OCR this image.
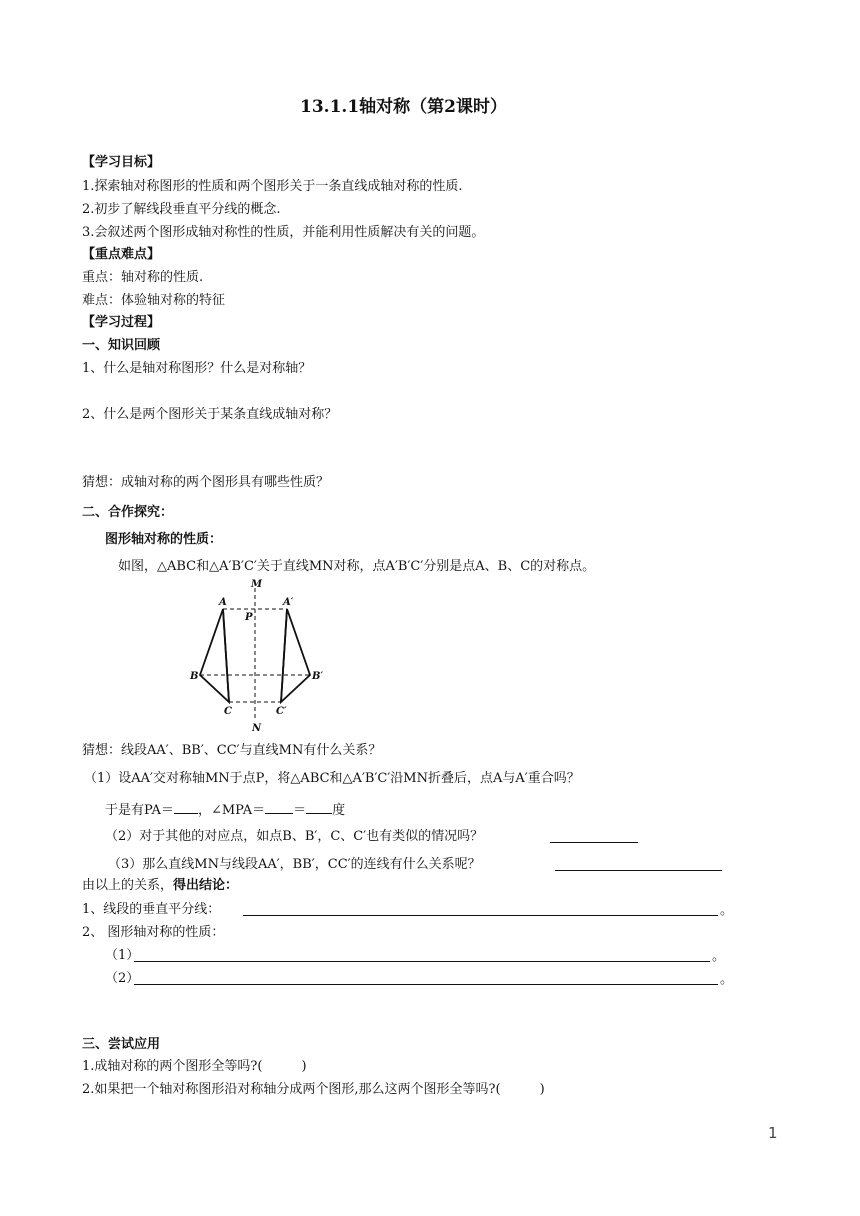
13.1.1轴对称（第2课时）
【学习目标】
1.探索轴对称图形的性质和两个图形关于一条直线成轴对称的性质.
2.初步了解线段垂直平分线的概念.
3.会叙述两个图形成轴对称性的性质，并能利用性质解决有关的问题。
【重点难点】
重点：轴对称的性质.
难点：体验轴对称的特征
【学习过程】
一、知识回顾
1、什么是轴对称图形？什么是对称轴？
2、什么是两个图形关于某条直线成轴对称？
猜想：成轴对称的两个图形具有哪些性质？
二、合作探究：
图形轴对称的性质：
如图，△ABC和△A′B′C′关于直线MN对称，点A′B′C′分别是点A、B、C的对称点。
M
A	A′
P
B	B′
C	C′
N
猜想：线段AA′、BB′、CC′与直线MN有什么关系？
（1）设AA′交对称轴MN于点P，将△ABC和△A′B′C′沿MN折叠后，点A与A′重合吗？
于是有PA＝ ，∠MPA＝ ＝ 度
（2）对于其他的对应点，如点B、B′，C、C′也有类似的情况吗？
（3）那么直线MN与线段AA′，BB′，CC′的连线有什么关系呢？
由以上的关系，得出结论：
1、线段的垂直平分线：	。
2、 图形轴对称的性质：
（1）	。
（2）	。
三、尝试应用
1.成轴对称的两个图形全等吗?(　　　)
2.如果把一个轴对称图形沿对称轴分成两个图形,那么这两个图形全等吗?(　　　)
1
